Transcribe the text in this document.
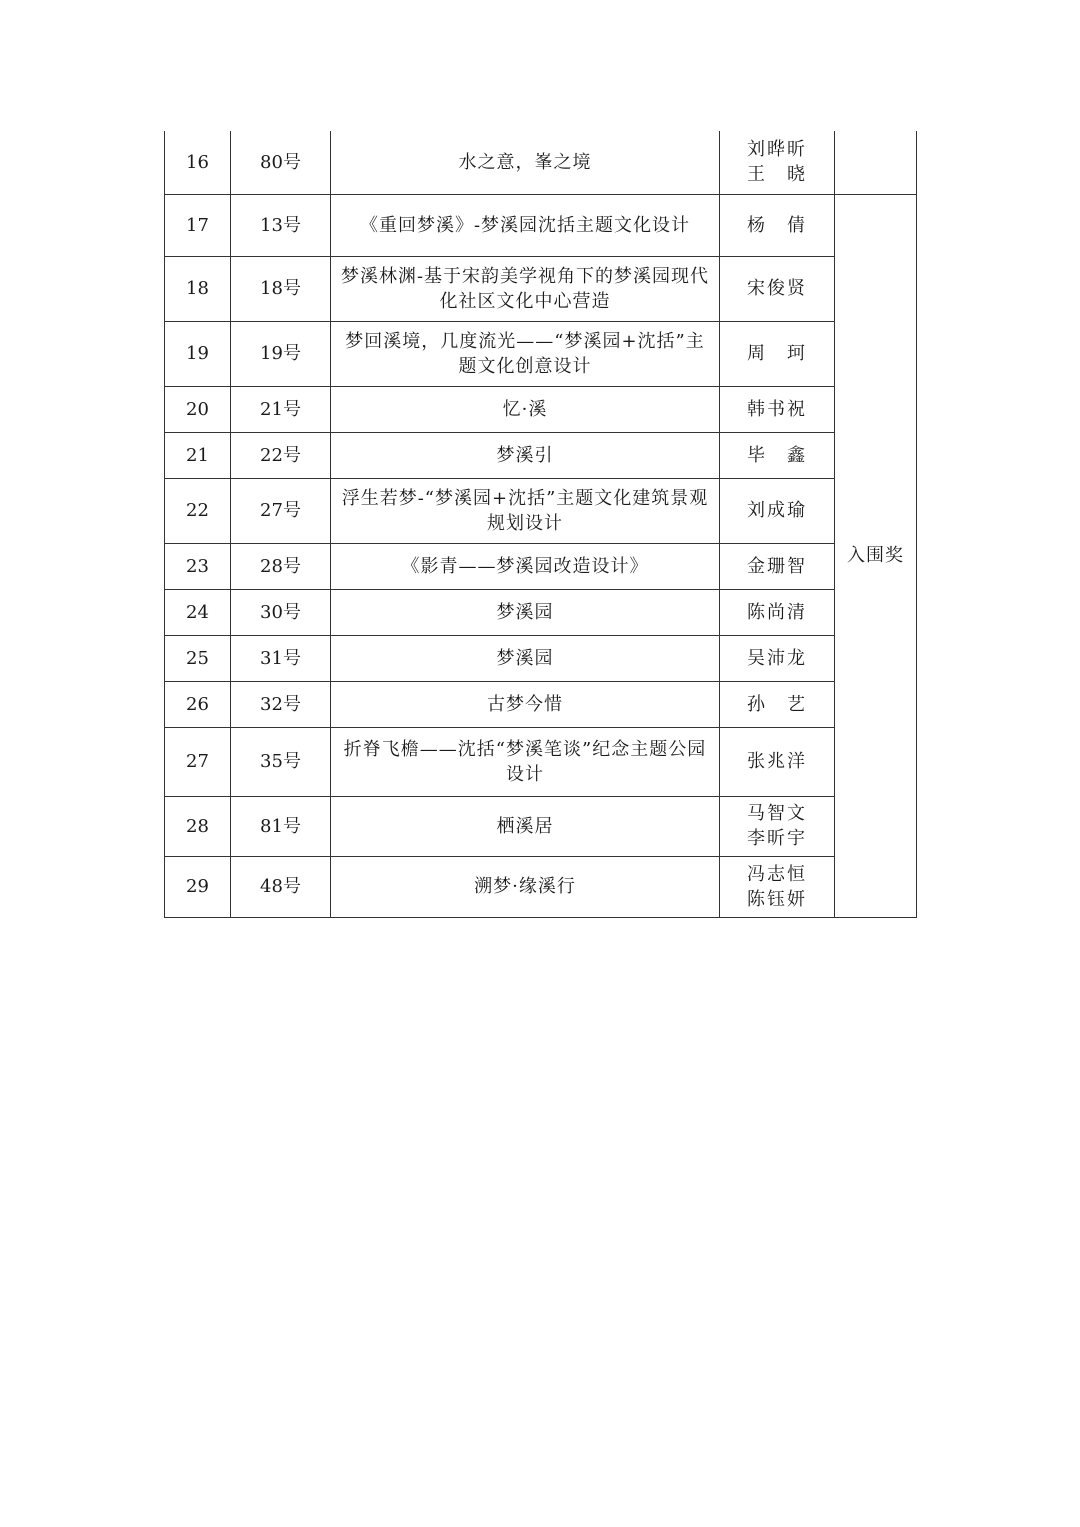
16	80号	水之意，峯之境	刘晔昕
王　晓	

17	13号	《重回梦溪》-梦溪园沈括主题文化设计	杨　倩	入围奖
18	18号	梦溪林渊-基于宋韵美学视角下的梦溪园现代化社区文化中心营造	宋俊贤	

19	19号	梦回溪境，几度流光——“梦溪园+沈括”主题文化创意设计	周　珂	

20	21号	忆·溪	韩书祝	

21	22号	梦溪引	毕　鑫	

22	27号	浮生若梦-“梦溪园+沈括”主题文化建筑景观规划设计	刘成瑜	

23	28号	《影青——梦溪园改造设计》	金珊智	

24	30号	梦溪园	陈尚清	

25	31号	梦溪园	吴沛龙	

26	32号	古梦今惜	孙　艺	

27	35号	折脊飞檐——沈括“梦溪笔谈”纪念主题公园设计	张兆洋	

28	81号	栖溪居	马智文
李昕宇	

29	48号	溯梦·缘溪行	冯志恒
陈钰妍	
